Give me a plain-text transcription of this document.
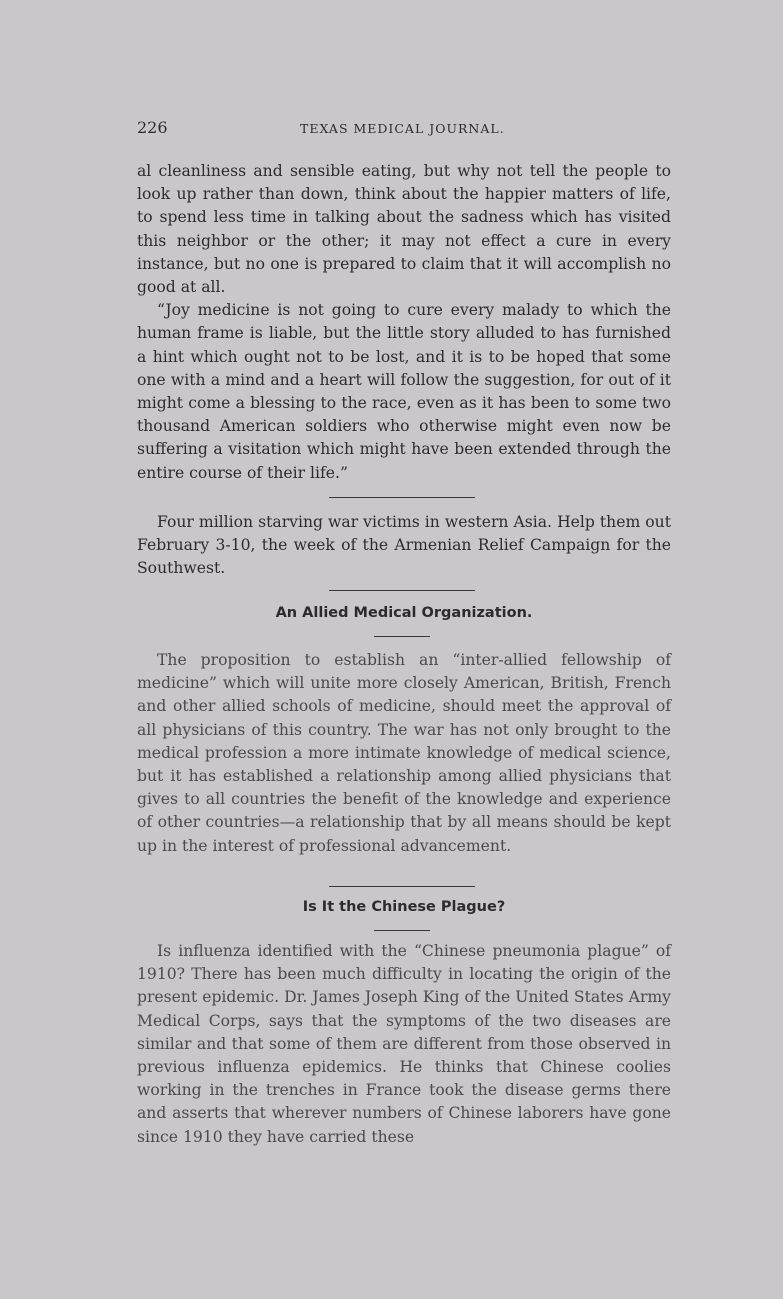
226	TEXAS MEDICAL JOURNAL.

al cleanliness and sensible eating, but why not tell the people to look up rather than down, think about the happier matters of life, to spend less time in talking about the sadness which has visited this neighbor or the other; it may not effect a cure in every instance, but no one is prepared to claim that it will accomplish no good at all.

“Joy medicine is not going to cure every malady to which the human frame is liable, but the little story alluded to has furnished a hint which ought not to be lost, and it is to be hoped that some one with a mind and a heart will follow the suggestion, for out of it might come a blessing to the race, even as it has been to some two thousand American soldiers who otherwise might even now be suffering a visitation which might have been extended through the entire course of their life.”

Four million starving war victims in western Asia. Help them out February 3-10, the week of the Armenian Relief Campaign for the Southwest.

An Allied Medical Organization.

The proposition to establish an “inter-allied fellowship of medicine” which will unite more closely American, British, French and other allied schools of medicine, should meet the approval of all physicians of this country. The war has not only brought to the medical profession a more intimate knowledge of medical science, but it has established a relationship among allied physicians that gives to all countries the benefit of the knowledge and experience of other countries—a relationship that by all means should be kept up in the interest of professional advancement.

Is It the Chinese Plague?

Is influenza identified with the “Chinese pneumonia plague” of 1910? There has been much difficulty in locating the origin of the present epidemic. Dr. James Joseph King of the United States Army Medical Corps, says that the symptoms of the two diseases are similar and that some of them are different from those observed in previous influenza epidemics. He thinks that Chinese coolies working in the trenches in France took the disease germs there and asserts that wherever numbers of Chinese laborers have gone since 1910 they have carried these
